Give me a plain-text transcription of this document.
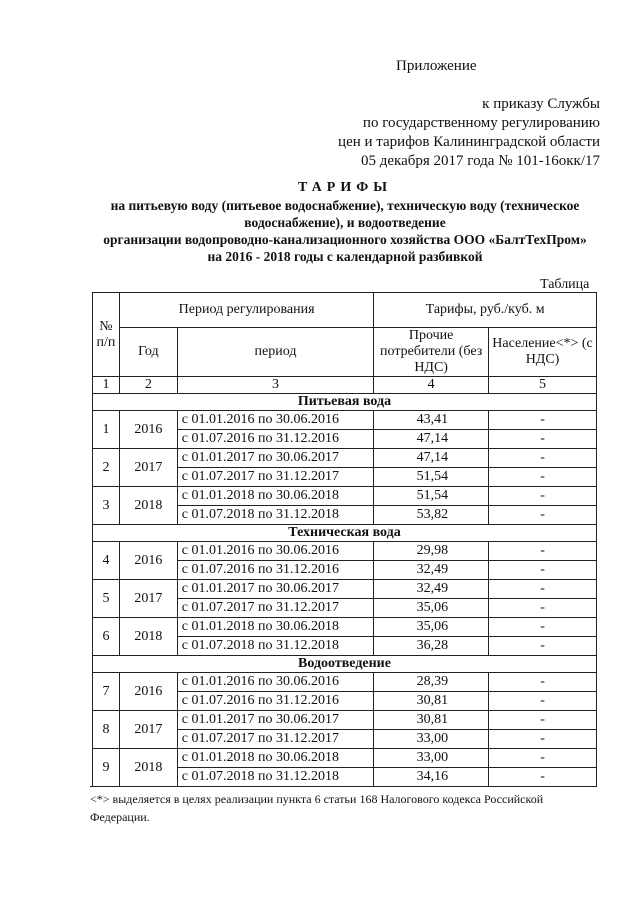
Приложение
к приказу Службы
по государственному регулированию
цен и тарифов Калининградской области
05 декабря 2017 года № 101-16окк/17
ТАРИФЫ
на питьевую воду (питьевое водоснабжение), техническую воду (техническое
водоснабжение), и водоотведение
организации водопроводно-канализационного хозяйства ООО «БалтТехПром»
на 2016 - 2018 годы с календарной разбивкой
Таблица
№ п/п	Период регулирования		Тарифы, руб./куб. м	
	Год	период	Прочие потребители (без НДС)	Население<*> (с НДС)
1	2	3	4	5
Питьевая вода				
1	2016	с 01.01.2016 по 30.06.2016	43,41	-
		с 01.07.2016 по 31.12.2016	47,14	-
2	2017	с 01.01.2017 по 30.06.2017	47,14	-
		с 01.07.2017 по 31.12.2017	51,54	-
3	2018	с 01.01.2018 по 30.06.2018	51,54	-
		с 01.07.2018 по 31.12.2018	53,82	-
Техническая вода				
4	2016	с 01.01.2016 по 30.06.2016	29,98	-
		с 01.07.2016 по 31.12.2016	32,49	-
5	2017	с 01.01.2017 по 30.06.2017	32,49	-
		с 01.07.2017 по 31.12.2017	35,06	-
6	2018	с 01.01.2018 по 30.06.2018	35,06	-
		с 01.07.2018 по 31.12.2018	36,28	-
Водоотведение				
7	2016	с 01.01.2016 по 30.06.2016	28,39	-
		с 01.07.2016 по 31.12.2016	30,81	-
8	2017	с 01.01.2017 по 30.06.2017	30,81	-
		с 01.07.2017 по 31.12.2017	33,00	-
9	2018	с 01.01.2018 по 30.06.2018	33,00	-
		с 01.07.2018 по 31.12.2018	34,16	-
<*> выделяется в целях реализации пункта 6 статьи 168 Налогового кодекса Российской Федерации.
